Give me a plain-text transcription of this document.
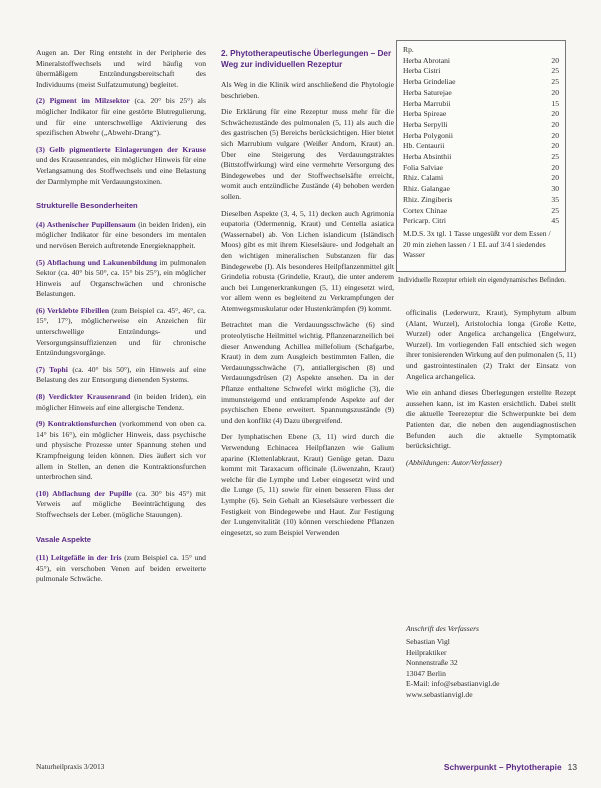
Augen an. Der Ring entsteht in der Peripherie des Mineralstoffwechsels und wird häufig von übermäßigem Entzündungsbereitschaft des Individuums (meist Sulfatzumutung) begleitet.

(2) Pigment im Milzsektor (ca. 20° bis 25°) als möglicher Indikator für eine gestörte Blutregulierung, und für eine unterschwellige Aktivierung des spezifischen Abwehr („Abwehr-Drang“).

(3) Gelb pigmentierte Einlagerungen der Krause und des Krausenrandes, ein möglicher Hinweis für eine Verlangsamung des Stoffwechsels und eine Belastung der Darmlymphe mit Verdauungstoxinen.

Strukturelle Besonderheiten

(4) Asthenischer Pupillensaum (in beiden Iriden), ein möglicher Indikator für eine besonders im mentalen und nervösen Bereich auftretende Energieknappheit.

(5) Abflachung und Lakunenbildung im pulmonalen Sektor (ca. 40° bis 50°, ca. 15° bis 25°), ein möglicher Hinweis auf Organschwächen und chronische Belastungen.

(6) Verklebte Fibrillen (zum Beispiel ca. 45°, 46°, ca. 15°, 17°), möglicherweise ein Anzeichen für unterschwellige Entzündungs- und Versorgungsinsuffizienzen und für chronische Entzündungsvorgänge.

(7) Tophi (ca. 40° bis 50°), ein Hinweis auf eine Belastung des zur Entsorgung dienenden Systems.

(8) Verdickter Krausenrand (in beiden Iriden), ein möglicher Hinweis auf eine allergische Tendenz.

(9) Kontraktionsfurchen (vorkommend von oben ca. 14° bis 16°), ein möglicher Hinweis, dass psychische und physische Prozesse unter Spannung stehen und Krampfneigung leiden können. Dies äußert sich vor allem in Stellen, an denen die Kontraktionsfurchen unterbrochen sind.

(10) Abflachung der Pupille (ca. 30° bis 45°) mit Verweis auf mögliche Beeinträchtigung des Stoffwechsels der Leber. (mögliche Stauungen).

Vasale Aspekte

(11) Leitgefäße in der Iris (zum Beispiel ca. 15° und 45°), ein verschoben Venen auf beiden erweiterte pulmonale Schwäche.

2. Phytotherapeutische Überlegungen – Der Weg zur individuellen Rezeptur

Als Weg in die Klinik wird anschließend die Phytologie beschrieben.

Die Erklärung für eine Rezeptur muss mehr für die Schwächezustände des pulmonalen (5, 11) als auch die des gastrischen (5) Bereichs berücksichtigen. Hier bietet sich Marrubium vulgare (Weißer Andorn, Kraut) an. Über eine Steigerung des Verdauungstraktes (Bittstoffwirkung) wird eine vermehrte Versorgung des Bindegewebes und der Stoffwechselsäfte erreicht, womit auch entzündliche Zustände (4) behoben werden sollen.

Dieselben Aspekte (3, 4, 5, 11) decken auch Agrimonia eupatoria (Odermennig, Kraut) und Centella asiatica (Wassernabel) ab. Von Lichen islandicum (Isländisch Moos) gibt es mit ihrem Kieselsäure- und Jodgehalt an den wichtigen mineralischen Substanzen für das Bindegewebe (I). Als besonderes Heilpflanzenmittel gilt Grindelia robusta (Grindelie, Kraut), die unter anderem auch bei Lungenerkrankungen (5, 11) eingesetzt wird, vor allem wenn es begleitend zu Verkrampfungen der Atemwegsmuskulatur oder Hustenkrämpfen (9) kommt.

Betrachtet man die Verdauungsschwäche (6) sind proteolytische Heilmittel wichtig. Pflanzenarzneilich bei dieser Anwendung Achillea millefolium (Schafgarbe, Kraut) in dem zum Ausgleich bestimmten Fallen, die Verdauungsschwäche (7), antiallergischen (8) und Verdauungsdrüsen (2) Aspekte ansehen. Da in der Pflanze enthaltene Schwefel wirkt mögliche (3), die immunsteigernd und entkrampfende Aspekte auf der psychischen Ebene erweitert. Spannungszustände (9) und den konflikt (4) Dazu übergreifend.

Der lymphatischen Ebene (3, 11) wird durch die Verwendung Echinacea Heilpflanzen wie Galium aparine (Klettenlabkraut, Kraut) Genüge getan. Dazu kommt mit Taraxacum officinale (Löwenzahn, Kraut) welche für die Lymphe und Leber eingesetzt wird und die Lunge (5, 11) sowie für einen besseren Fluss der Lymphe (6). Sein Gehalt an Kieselsäure verbessert die Festigkeit von Bindegewebe und Haut. Zur Festigung der Lungenvitalität (10) können verschiedene Pflanzen eingesetzt, so zum Beispiel Verwenden

Rp.
Herba Abrotani	20
Herba Cistri	25
Herba Grindeliae	25
Herba Saturejae	20
Herba Marrubii	15
Herba Spireae	20
Herba Serpylli	20
Herba Polygonii	20
Hb. Centaurii	20
Herba Absinthii	25
Folia Salviae	20
Rhiz. Calami	20
Rhiz. Galangae	30
Rhiz. Zingiberis	35
Cortex Chinae	25
Pericarp. Citri	45
M.D.S. 3x tgl. 1 Tasse ungesüßt vor dem Essen / 20 min ziehen lassen / 1 EL auf 3/4 l siedendes Wasser
Individuelle Rezeptur erhielt ein eigendynamisches Befinden.

officinalis (Lederwurz, Kraut), Symphytum album (Alant, Wurzel), Aristolochia longa (Große Kette, Wurzel) oder Angelica archangelica (Engelwurz, Wurzel). Im vorliegenden Fall entschied sich wegen ihrer tonisierenden Wirkung auf den pulmonalen (5, 11) und gastrointestinalen (2) Trakt der Einsatz von Angelica archangelica.

Wie ein anhand dieses Überlegungen erstellte Rezept aussehen kann, ist im Kasten ersichtlich. Dabei stellt die aktuelle Teerezeptur die Schwerpunkte bei dem Patienten dar, die neben den augendiagnostischen Befunden auch die aktuelle Symptomatik berücksichtigt.

(Abbildungen: Autor/Verfasser)

Anschrift des Verfassers
Sebastian Vigl
Heilpraktiker
Nonnenstraße 32
13047 Berlin
E-Mail: info@sebastianvigl.de
www.sebastianvigl.de
Naturheilpraxis 3/2013	Schwerpunkt – Phytotherapie 13
